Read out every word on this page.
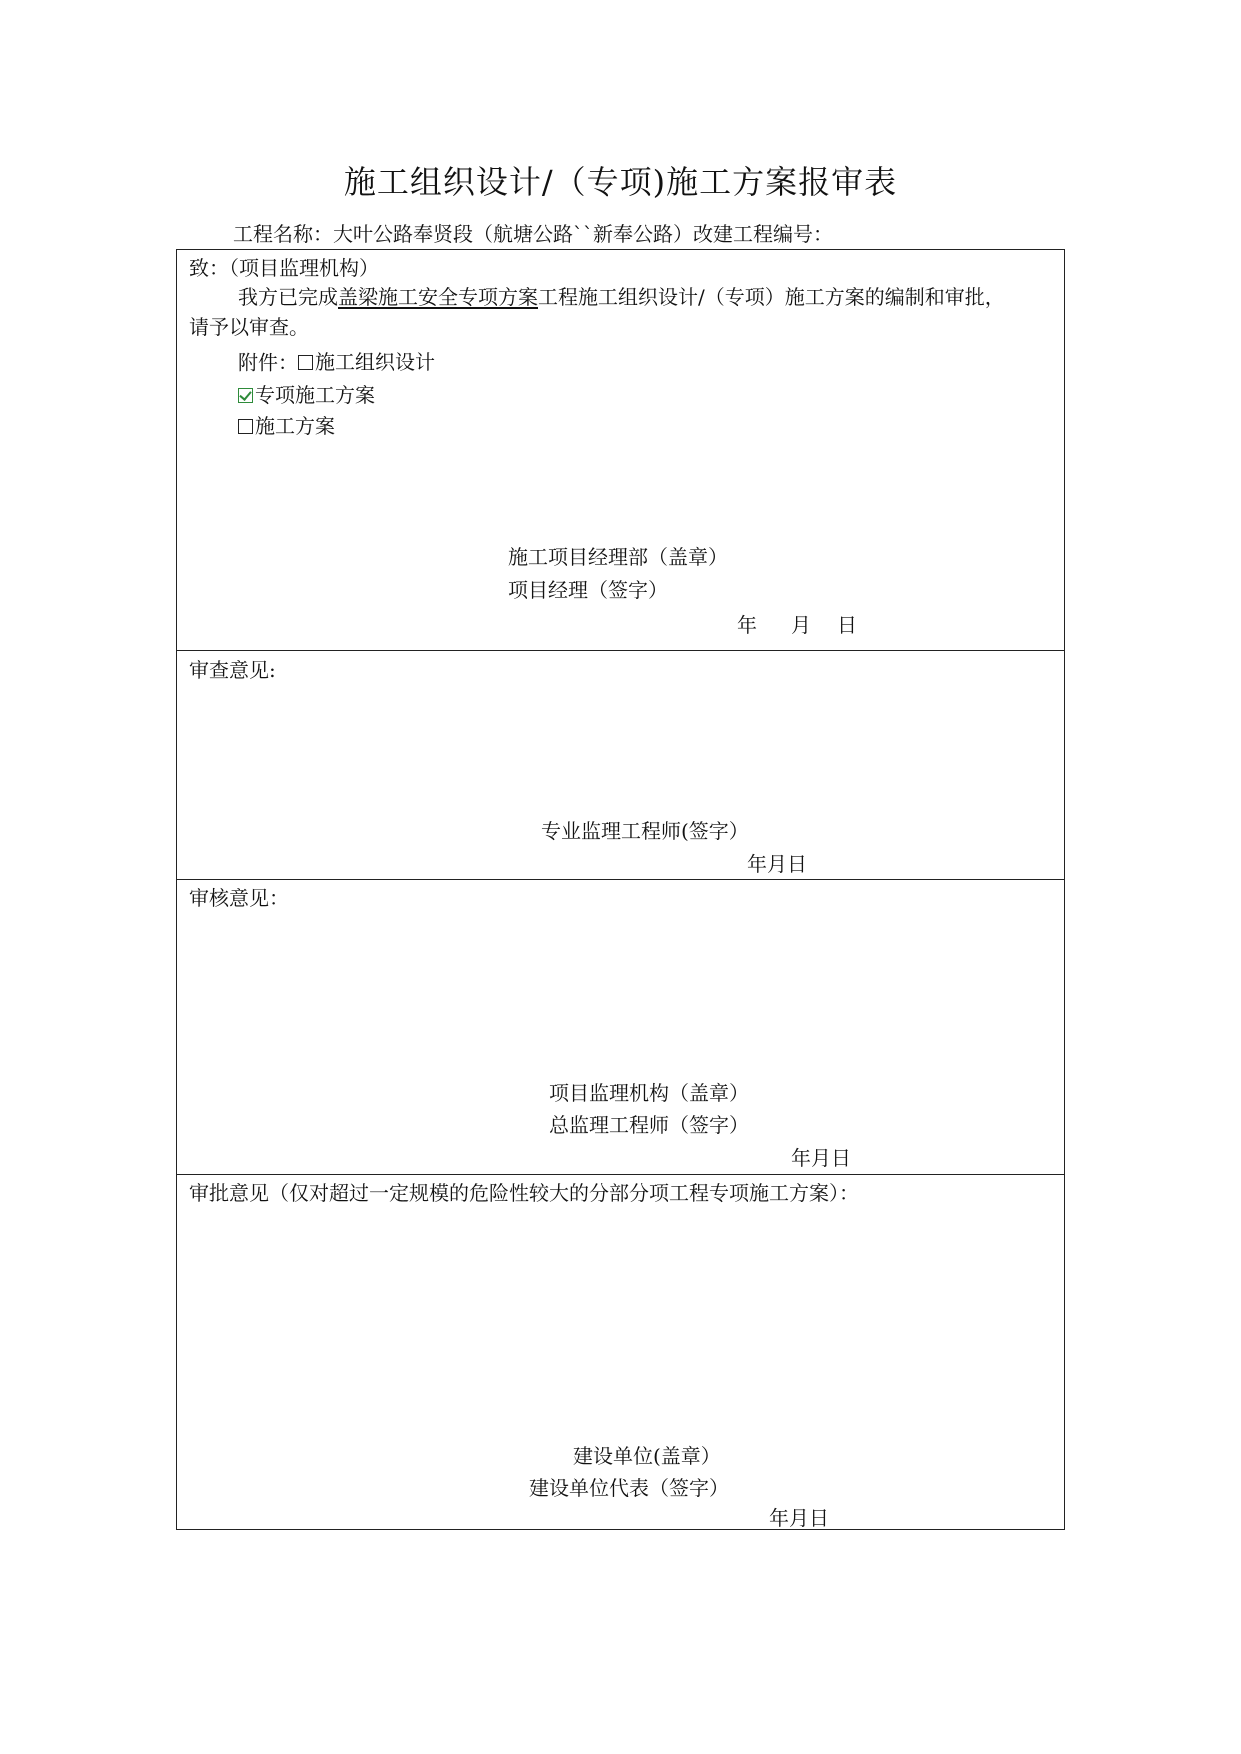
施工组织设计/（专项)施工方案报审表
工程名称：大叶公路奉贤段（航塘公路``新奉公路）改建工程编号：
致：（项目监理机构）
我方已完成盖梁施工安全专项方案工程施工组织设计/（专项）施工方案的编制和审批，
请予以审查。
附件： 施工组织设计
专项施工方案
施工方案
施工项目经理部（盖章）
项目经理（签字）
年 月 日
审查意见:
专业监理工程师(签字）
年月日
审核意见：
项目监理机构（盖章）
总监理工程师（签字）
年月日
审批意见（仅对超过一定规模的危险性较大的分部分项工程专项施工方案）：
建设单位(盖章）
建设单位代表（签字）
年月日
